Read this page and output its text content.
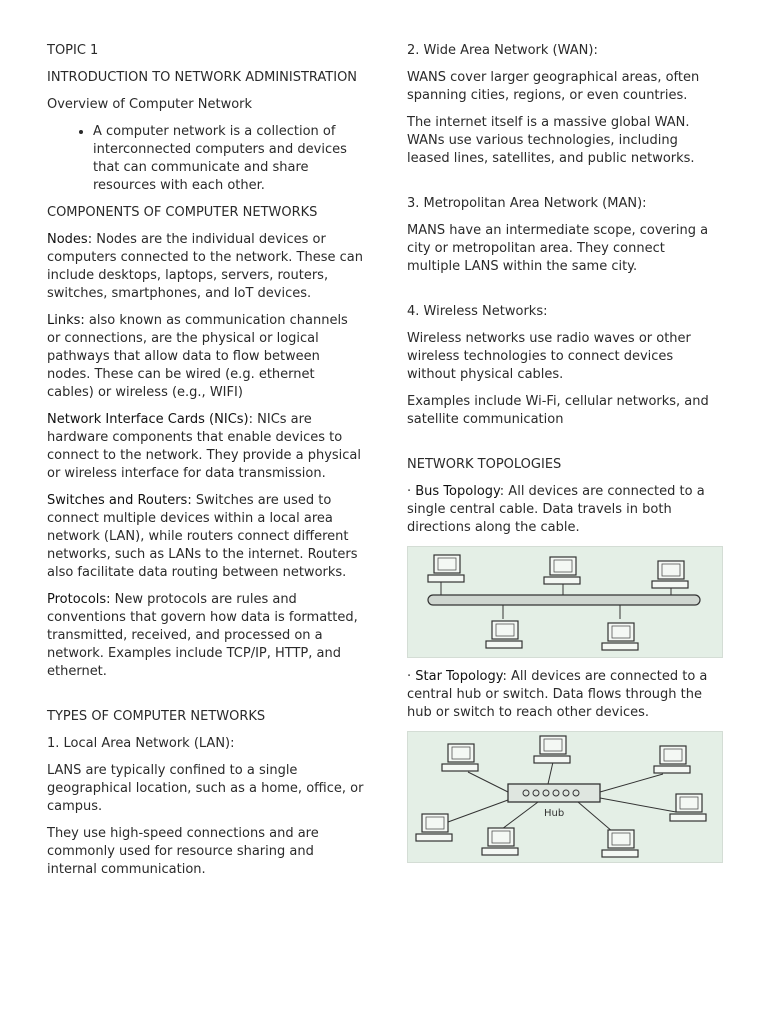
TOPIC 1

INTRODUCTION TO NETWORK ADMINISTRATION

Overview of Computer Network

• A computer network is a collection of interconnected computers and devices that can communicate and share resources with each other.

COMPONENTS OF COMPUTER NETWORKS

Nodes: Nodes are the individual devices or computers connected to the network. These can include desktops, laptops, servers, routers, switches, smartphones, and IoT devices.

Links: also known as communication channels or connections, are the physical or logical pathways that allow data to flow between nodes. These can be wired (e.g. ethernet cables) or wireless (e.g., WIFI)

Network Interface Cards (NICs): NICs are hardware components that enable devices to connect to the network. They provide a physical or wireless interface for data transmission.

Switches and Routers: Switches are used to connect multiple devices within a local area network (LAN), while routers connect different networks, such as LANs to the internet. Routers also facilitate data routing between networks.

Protocols: New protocols are rules and conventions that govern how data is formatted, transmitted, received, and processed on a network. Examples include TCP/IP, HTTP, and ethernet.

TYPES OF COMPUTER NETWORKS

1. Local Area Network (LAN):

LANS are typically confined to a single geographical location, such as a home, office, or campus.

They use high-speed connections and are commonly used for resource sharing and internal communication.

2. Wide Area Network (WAN):

WANS cover larger geographical areas, often spanning cities, regions, or even countries.

The internet itself is a massive global WAN. WANs use various technologies, including leased lines, satellites, and public networks.

3. Metropolitan Area Network (MAN):

MANS have an intermediate scope, covering a city or metropolitan area. They connect multiple LANS within the same city.

4. Wireless Networks:

Wireless networks use radio waves or other wireless technologies to connect devices without physical cables.

Examples include Wi-Fi, cellular networks, and satellite communication

NETWORK TOPOLOGIES

· Bus Topology: All devices are connected to a single central cable. Data travels in both directions along the cable.

· Star Topology: All devices are connected to a central hub or switch. Data flows through the hub or switch to reach other devices.

Hub
